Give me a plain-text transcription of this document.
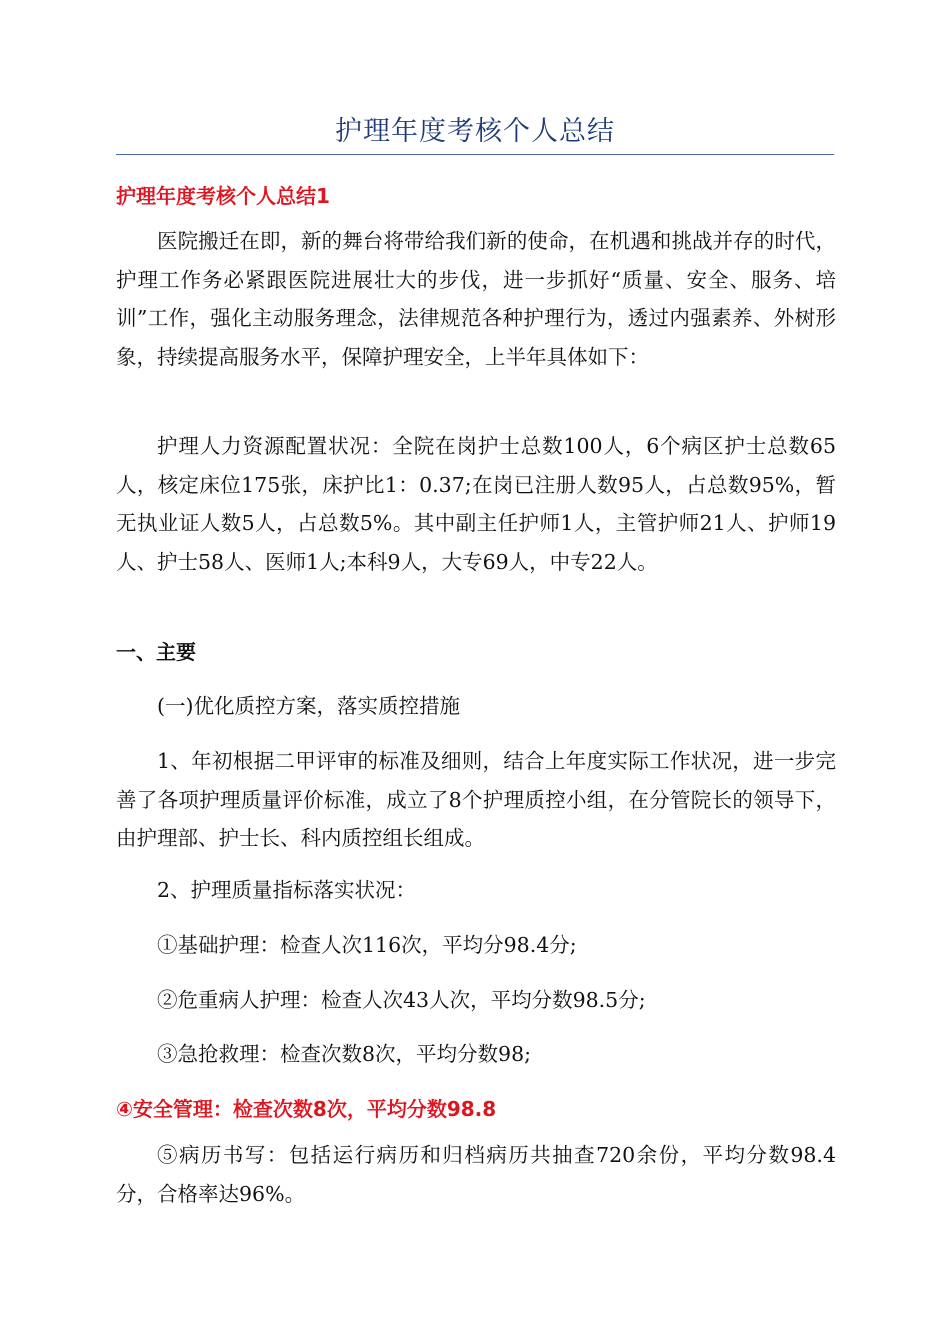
护理年度考核个人总结
护理年度考核个人总结1

医院搬迁在即，新的舞台将带给我们新的使命，在机遇和挑战并存的时代，护理工作务必紧跟医院进展壮大的步伐，进一步抓好“质量、安全、服务、培训”工作，强化主动服务理念，法律规范各种护理行为，透过内强素养、外树形象，持续提高服务水平，保障护理安全，上半年具体如下：

护理人力资源配置状况：全院在岗护士总数100人，6个病区护士总数65人，核定床位175张，床护比1：0.37;在岗已注册人数95人，占总数95%，暂无执业证人数5人，占总数5%。其中副主任护师1人，主管护师21人、护师19人、护士58人、医师1人;本科9人，大专69人，中专22人。

一、主要

(一)优化质控方案，落实质控措施

1、年初根据二甲评审的标准及细则，结合上年度实际工作状况，进一步完善了各项护理质量评价标准，成立了8个护理质控小组，在分管院长的领导下，由护理部、护士长、科内质控组长组成。

2、护理质量指标落实状况：

①基础护理：检查人次116次，平均分98.4分;

②危重病人护理：检查人次43人次，平均分数98.5分;

③急抢救理：检查次数8次，平均分数98;

④安全管理：检查次数8次，平均分数98.8

⑤病历书写：包括运行病历和归档病历共抽查720余份，平均分数98.4分，合格率达96%。
